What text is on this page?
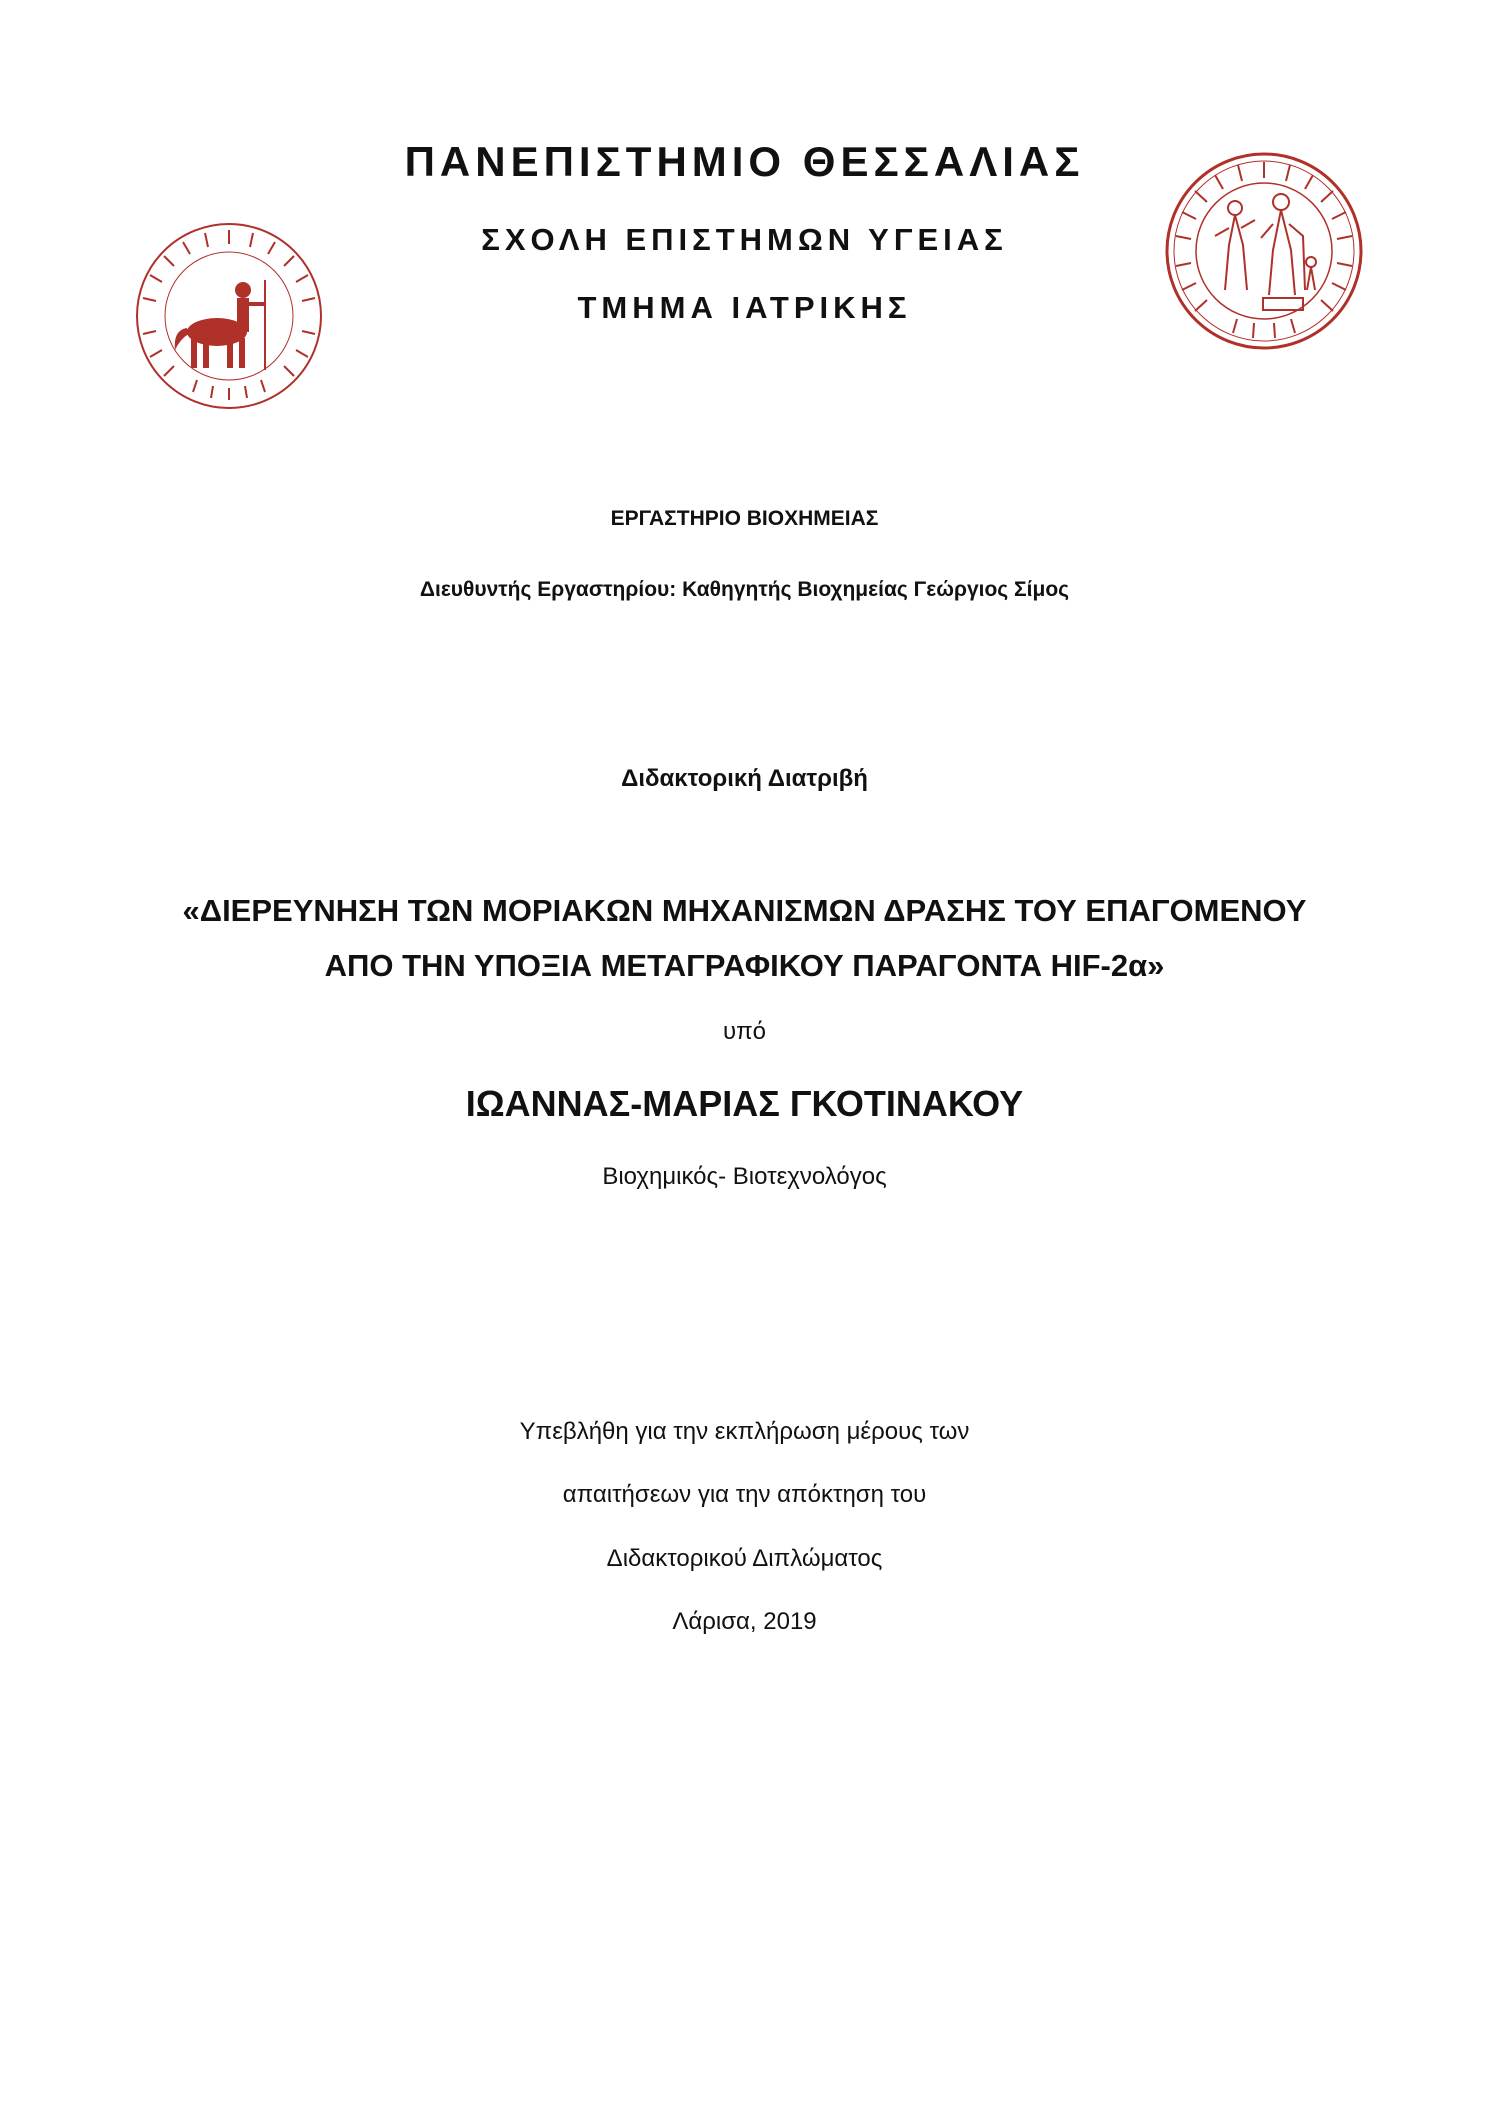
ΠΑΝΕΠΙΣΤΗΜΙΟ ΘΕΣΣΑΛΙΑΣ
ΣΧΟΛΗ ΕΠΙΣΤΗΜΩΝ ΥΓΕΙΑΣ
ΤΜΗΜΑ ΙΑΤΡΙΚΗΣ
ΕΡΓΑΣΤΗΡΙΟ ΒΙΟΧΗΜΕΙΑΣ
Διευθυντής Εργαστηρίου: Καθηγητής Βιοχημείας Γεώργιος Σίμος
Διδακτορική Διατριβή
«ΔΙΕΡΕΥΝΗΣΗ ΤΩΝ ΜΟΡΙΑΚΩΝ ΜΗΧΑΝΙΣΜΩΝ ΔΡΑΣΗΣ ΤΟΥ ΕΠΑΓΟΜΕΝΟΥ
ΑΠΟ ΤΗΝ ΥΠΟΞΙΑ ΜΕΤΑΓΡΑΦΙΚΟΥ ΠΑΡΑΓΟΝΤΑ HIF-2α»
υπό
ΙΩΑΝΝΑΣ-ΜΑΡΙΑΣ ΓΚΟΤΙΝΑΚΟΥ
Βιοχημικός- Βιοτεχνολόγος
Υπεβλήθη για την εκπλήρωση μέρους των
απαιτήσεων για την απόκτηση του
Διδακτορικού Διπλώματος
Λάρισα, 2019
